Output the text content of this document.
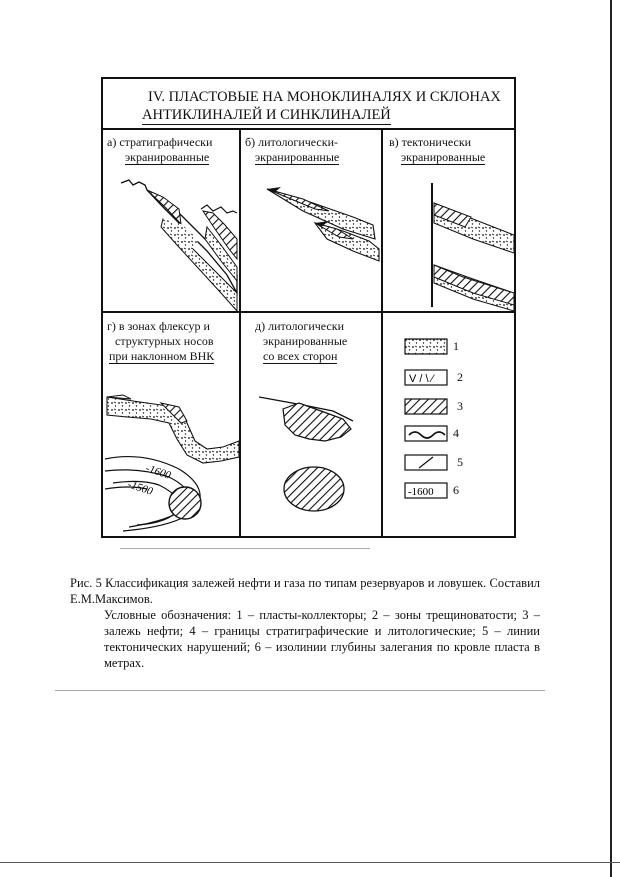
IV. ПЛАСТОВЫЕ НА МОНОКЛИНАЛЯХ И СКЛОНАХ
АНТИКЛИНАЛЕЙ И СИНКЛИНАЛЕЙ
а) стратиграфически
экранированные
б) литологически-
экранированные
в) тектонически
экранированные
г) в зонах флексур и
структурных носов
при наклонном ВНК
д) литологически
экранированные
со всех сторон
-1600
-1500
V / \ ⁄
-1600
1
2
3
4
5
6

Рис. 5 Классификация залежей нефти и газа по типам резервуаров и ловушек. Составил Е.М.Максимов.

Условные обозначения: 1 – пласты-коллекторы; 2 – зоны трещиноватости; 3 – залежь нефти; 4 – границы стратиграфические и литологические; 5 – линии тектонических нарушений; 6 – изолинии глубины залегания по кровле пласта в метрах.
